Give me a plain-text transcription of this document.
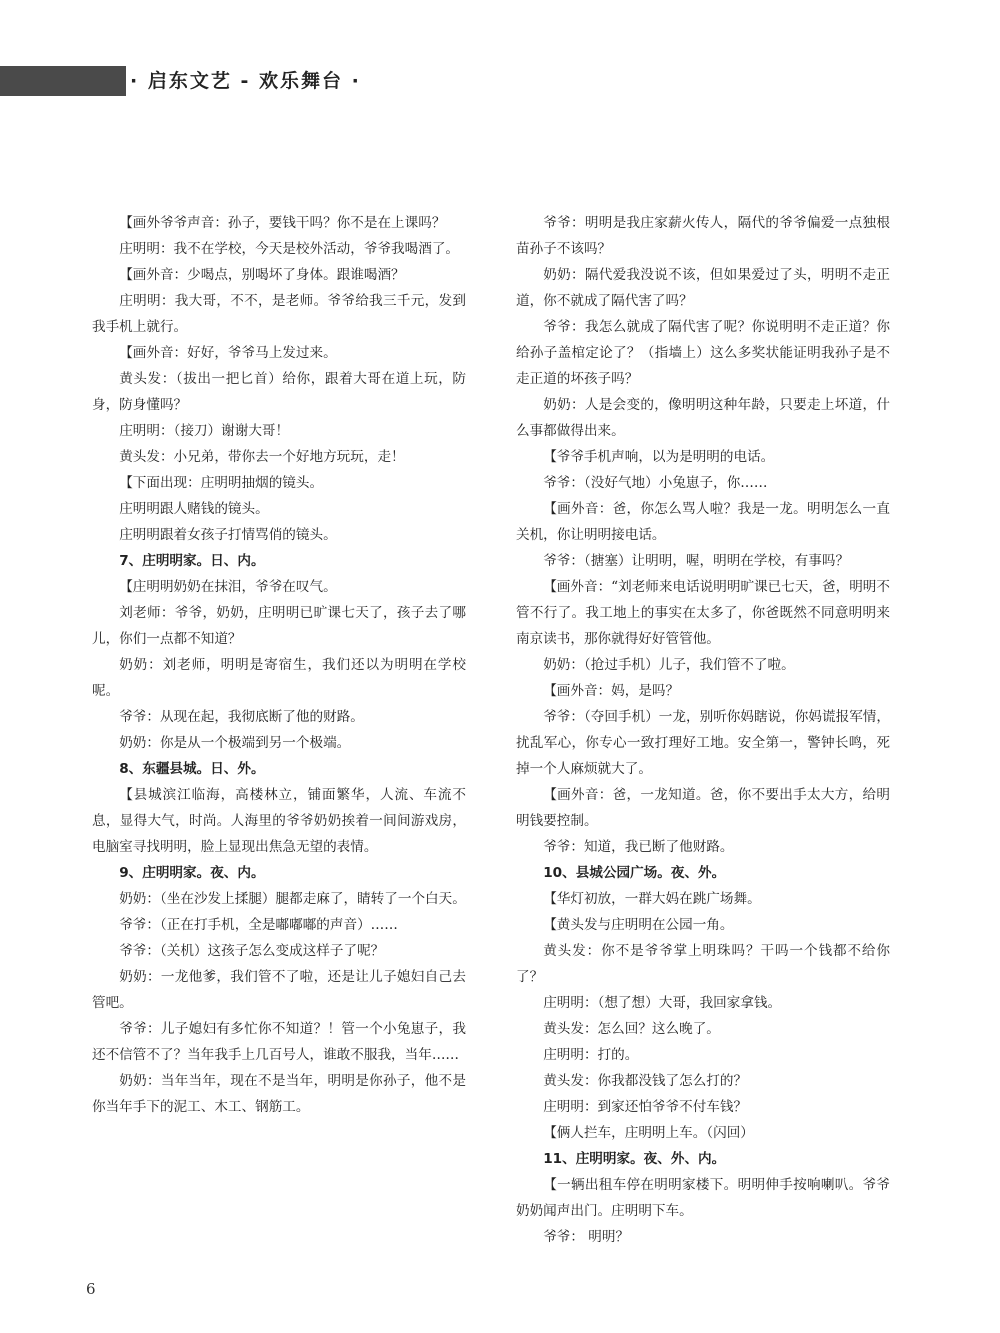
· 启东文艺 - 欢乐舞台 ·

【画外爷爷声音：孙子，要钱干吗？你不是在上课吗？

庄明明：我不在学校，今天是校外活动，爷爷我喝酒了。

【画外音：少喝点，别喝坏了身体。跟谁喝酒？

庄明明：我大哥，不不，是老师。爷爷给我三千元，发到我手机上就行。

【画外音：好好，爷爷马上发过来。

黄头发：（拔出一把匕首）给你，跟着大哥在道上玩，防身，防身懂吗？

庄明明：（接刀）谢谢大哥！

黄头发：小兄弟，带你去一个好地方玩玩，走！

【下面出现：庄明明抽烟的镜头。

庄明明跟人赌钱的镜头。

庄明明跟着女孩子打情骂俏的镜头。

7、庄明明家。日、内。

【庄明明奶奶在抹泪，爷爷在叹气。

刘老师：爷爷，奶奶，庄明明已旷课七天了，孩子去了哪儿，你们一点都不知道？

奶奶：刘老师，明明是寄宿生，我们还以为明明在学校呢。

爷爷：从现在起，我彻底断了他的财路。

奶奶：你是从一个极端到另一个极端。

8、东疆县城。日、外。

【县城滨江临海，高楼林立，铺面繁华，人流、车流不息，显得大气，时尚。人海里的爷爷奶奶挨着一间间游戏房，电脑室寻找明明，脸上显现出焦急无望的表情。

9、庄明明家。夜、内。

奶奶：（坐在沙发上揉腿）腿都走麻了，睛转了一个白天。

爷爷：（正在打手机，全是嘟嘟嘟的声音）……

爷爷：（关机）这孩子怎么变成这样子了呢？

奶奶：一龙他爹，我们管不了啦，还是让儿子媳妇自己去管吧。

爷爷：儿子媳妇有多忙你不知道？！管一个小兔崽子，我还不信管不了？当年我手上几百号人，谁敢不服我，当年……

奶奶：当年当年，现在不是当年，明明是你孙子，他不是你当年手下的泥工、木工、钢筋工。

爷爷：明明是我庄家薪火传人，隔代的爷爷偏爱一点独根苗孙子不该吗？

奶奶：隔代爱我没说不该，但如果爱过了头，明明不走正道，你不就成了隔代害了吗？

爷爷：我怎么就成了隔代害了呢？你说明明不走正道？你给孙子盖棺定论了？（指墙上）这么多奖状能证明我孙子是不走正道的坏孩子吗？

奶奶：人是会变的，像明明这种年龄，只要走上坏道，什么事都做得出来。

【爷爷手机声响，以为是明明的电话。

爷爷：（没好气地）小兔崽子，你……

【画外音：爸，你怎么骂人啦？我是一龙。明明怎么一直关机，你让明明接电话。

爷爷：（搪塞）让明明，喔，明明在学校，有事吗？

【画外音：“刘老师来电话说明明旷课已七天，爸，明明不管不行了。我工地上的事实在太多了，你爸既然不同意明明来南京读书，那你就得好好管管他。

奶奶：（抢过手机）儿子，我们管不了啦。

【画外音：妈，是吗？

爷爷：（夺回手机）一龙，别听你妈瞎说，你妈谎报军情，扰乱军心，你专心一致打理好工地。安全第一，警钟长鸣，死掉一个人麻烦就大了。

【画外音：爸，一龙知道。爸，你不要出手太大方，给明明钱要控制。

爷爷：知道，我已断了他财路。

10、县城公园广场。夜、外。

【华灯初放，一群大妈在跳广场舞。

【黄头发与庄明明在公园一角。

黄头发：你不是爷爷掌上明珠吗？干吗一个钱都不给你了？

庄明明：（想了想）大哥，我回家拿钱。

黄头发：怎么回？这么晚了。

庄明明：打的。

黄头发：你我都没钱了怎么打的？

庄明明：到家还怕爷爷不付车钱？

【俩人拦车，庄明明上车。（闪回）

11、庄明明家。夜、外、内。

【一辆出租车停在明明家楼下。明明伸手按响喇叭。爷爷奶奶闻声出门。庄明明下车。

爷爷： 明明？

6
